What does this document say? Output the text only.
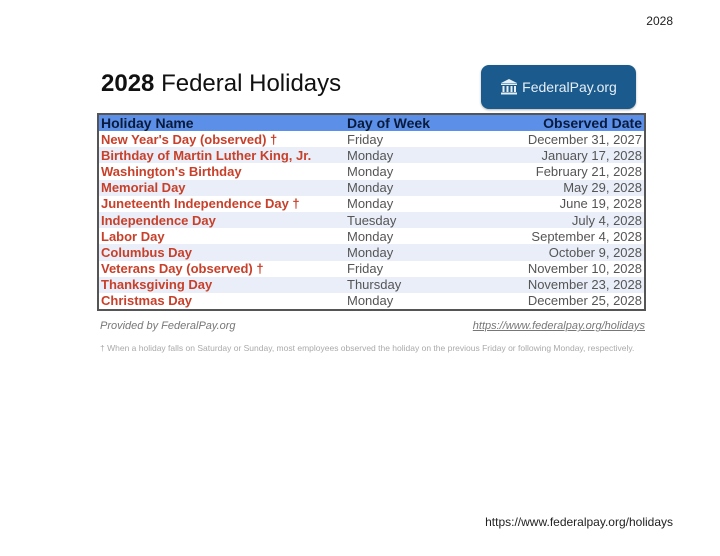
2028
2028 Federal Holidays	Federal Pay.org
Holiday Name	Day of Week	Observed Date
New Year's Day (observed) †	Friday	December 31, 2027
Birthday of Martin Luther King, Jr.	Monday	January 17, 2028
Washington's Birthday	Monday	February 21, 2028
Memorial Day	Monday	May 29, 2028
Juneteenth Independence Day †	Monday	June 19, 2028
Independence Day	Tuesday	July 4, 2028
Labor Day	Monday	September 4, 2028
Columbus Day	Monday	October 9, 2028
Veterans Day (observed) †	Friday	November 10, 2028
Thanksgiving Day	Thursday	November 23, 2028
Christmas Day	Monday	December 25, 2028
Provided by FederalPay.org	https://www.federalpay.org/holidays
† When a holiday falls on Saturday or Sunday, most employees observed the holiday on the previous Friday or following Monday, respectively.
https://www.federalpay.org/holidays
